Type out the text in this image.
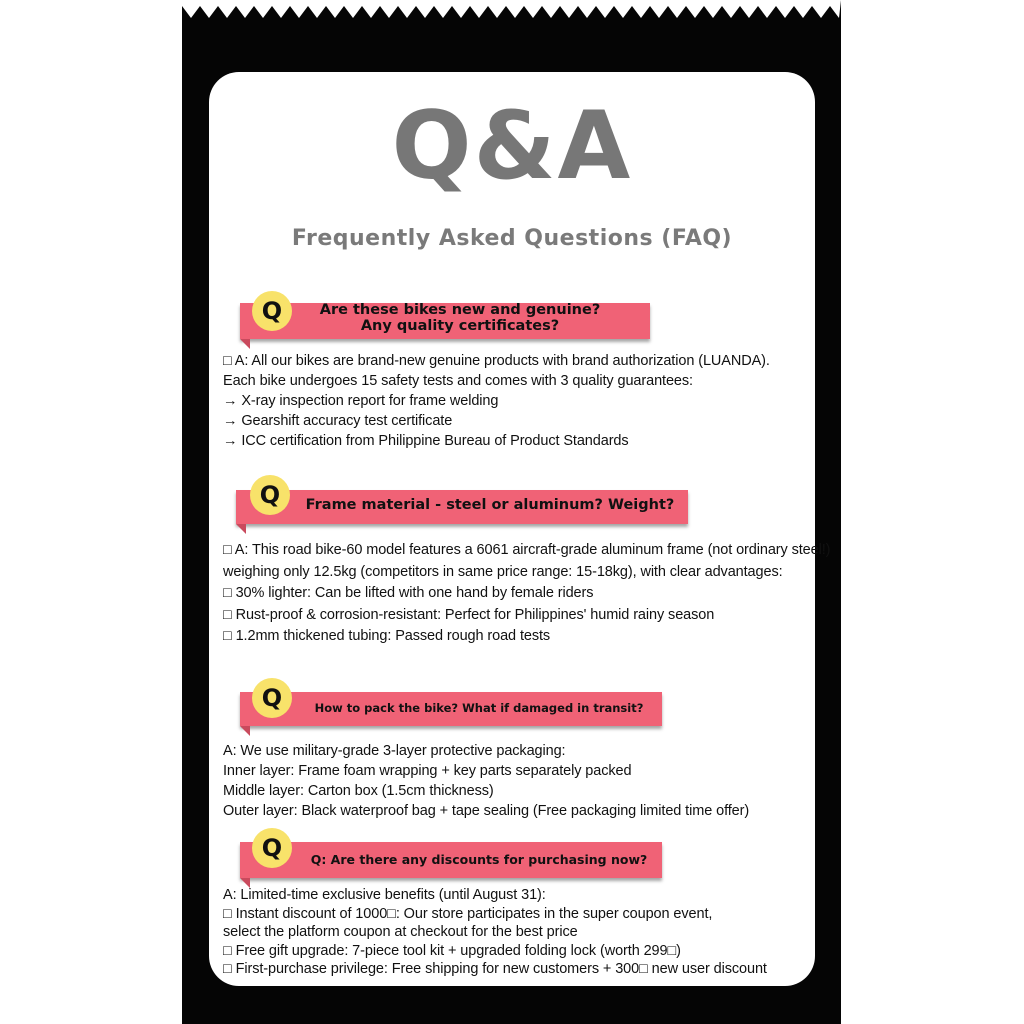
Q&A
Frequently Asked Questions (FAQ)
Q	Are these bikes new and genuine?
Any quality certificates?
□ A: All our bikes are brand-new genuine products with brand authorization (LUANDA).
Each bike undergoes 15 safety tests and comes with 3 quality guarantees:
→ X-ray inspection report for frame welding
→ Gearshift accuracy test certificate
→ ICC certification from Philippine Bureau of Product Standards
Q	Frame material - steel or aluminum? Weight?
□ A: This road bike-60 model features a 6061 aircraft-grade aluminum frame (not ordinary steel!)
weighing only 12.5kg (competitors in same price range: 15-18kg), with clear advantages:
□ 30% lighter: Can be lifted with one hand by female riders
□ Rust-proof & corrosion-resistant: Perfect for Philippines' humid rainy season
□ 1.2mm thickened tubing: Passed rough road tests
Q	How to pack the bike? What if damaged in transit?
A: We use military-grade 3-layer protective packaging:
Inner layer: Frame foam wrapping + key parts separately packed
Middle layer: Carton box (1.5cm thickness)
Outer layer: Black waterproof bag + tape sealing (Free packaging limited time offer)
Q	Q: Are there any discounts for purchasing now?
A: Limited-time exclusive benefits (until August 31):
□ Instant discount of 1000□: Our store participates in the super coupon event,
select the platform coupon at checkout for the best price
□ Free gift upgrade: 7-piece tool kit + upgraded folding lock (worth 299□)
□ First-purchase privilege: Free shipping for new customers + 300□ new user discount
